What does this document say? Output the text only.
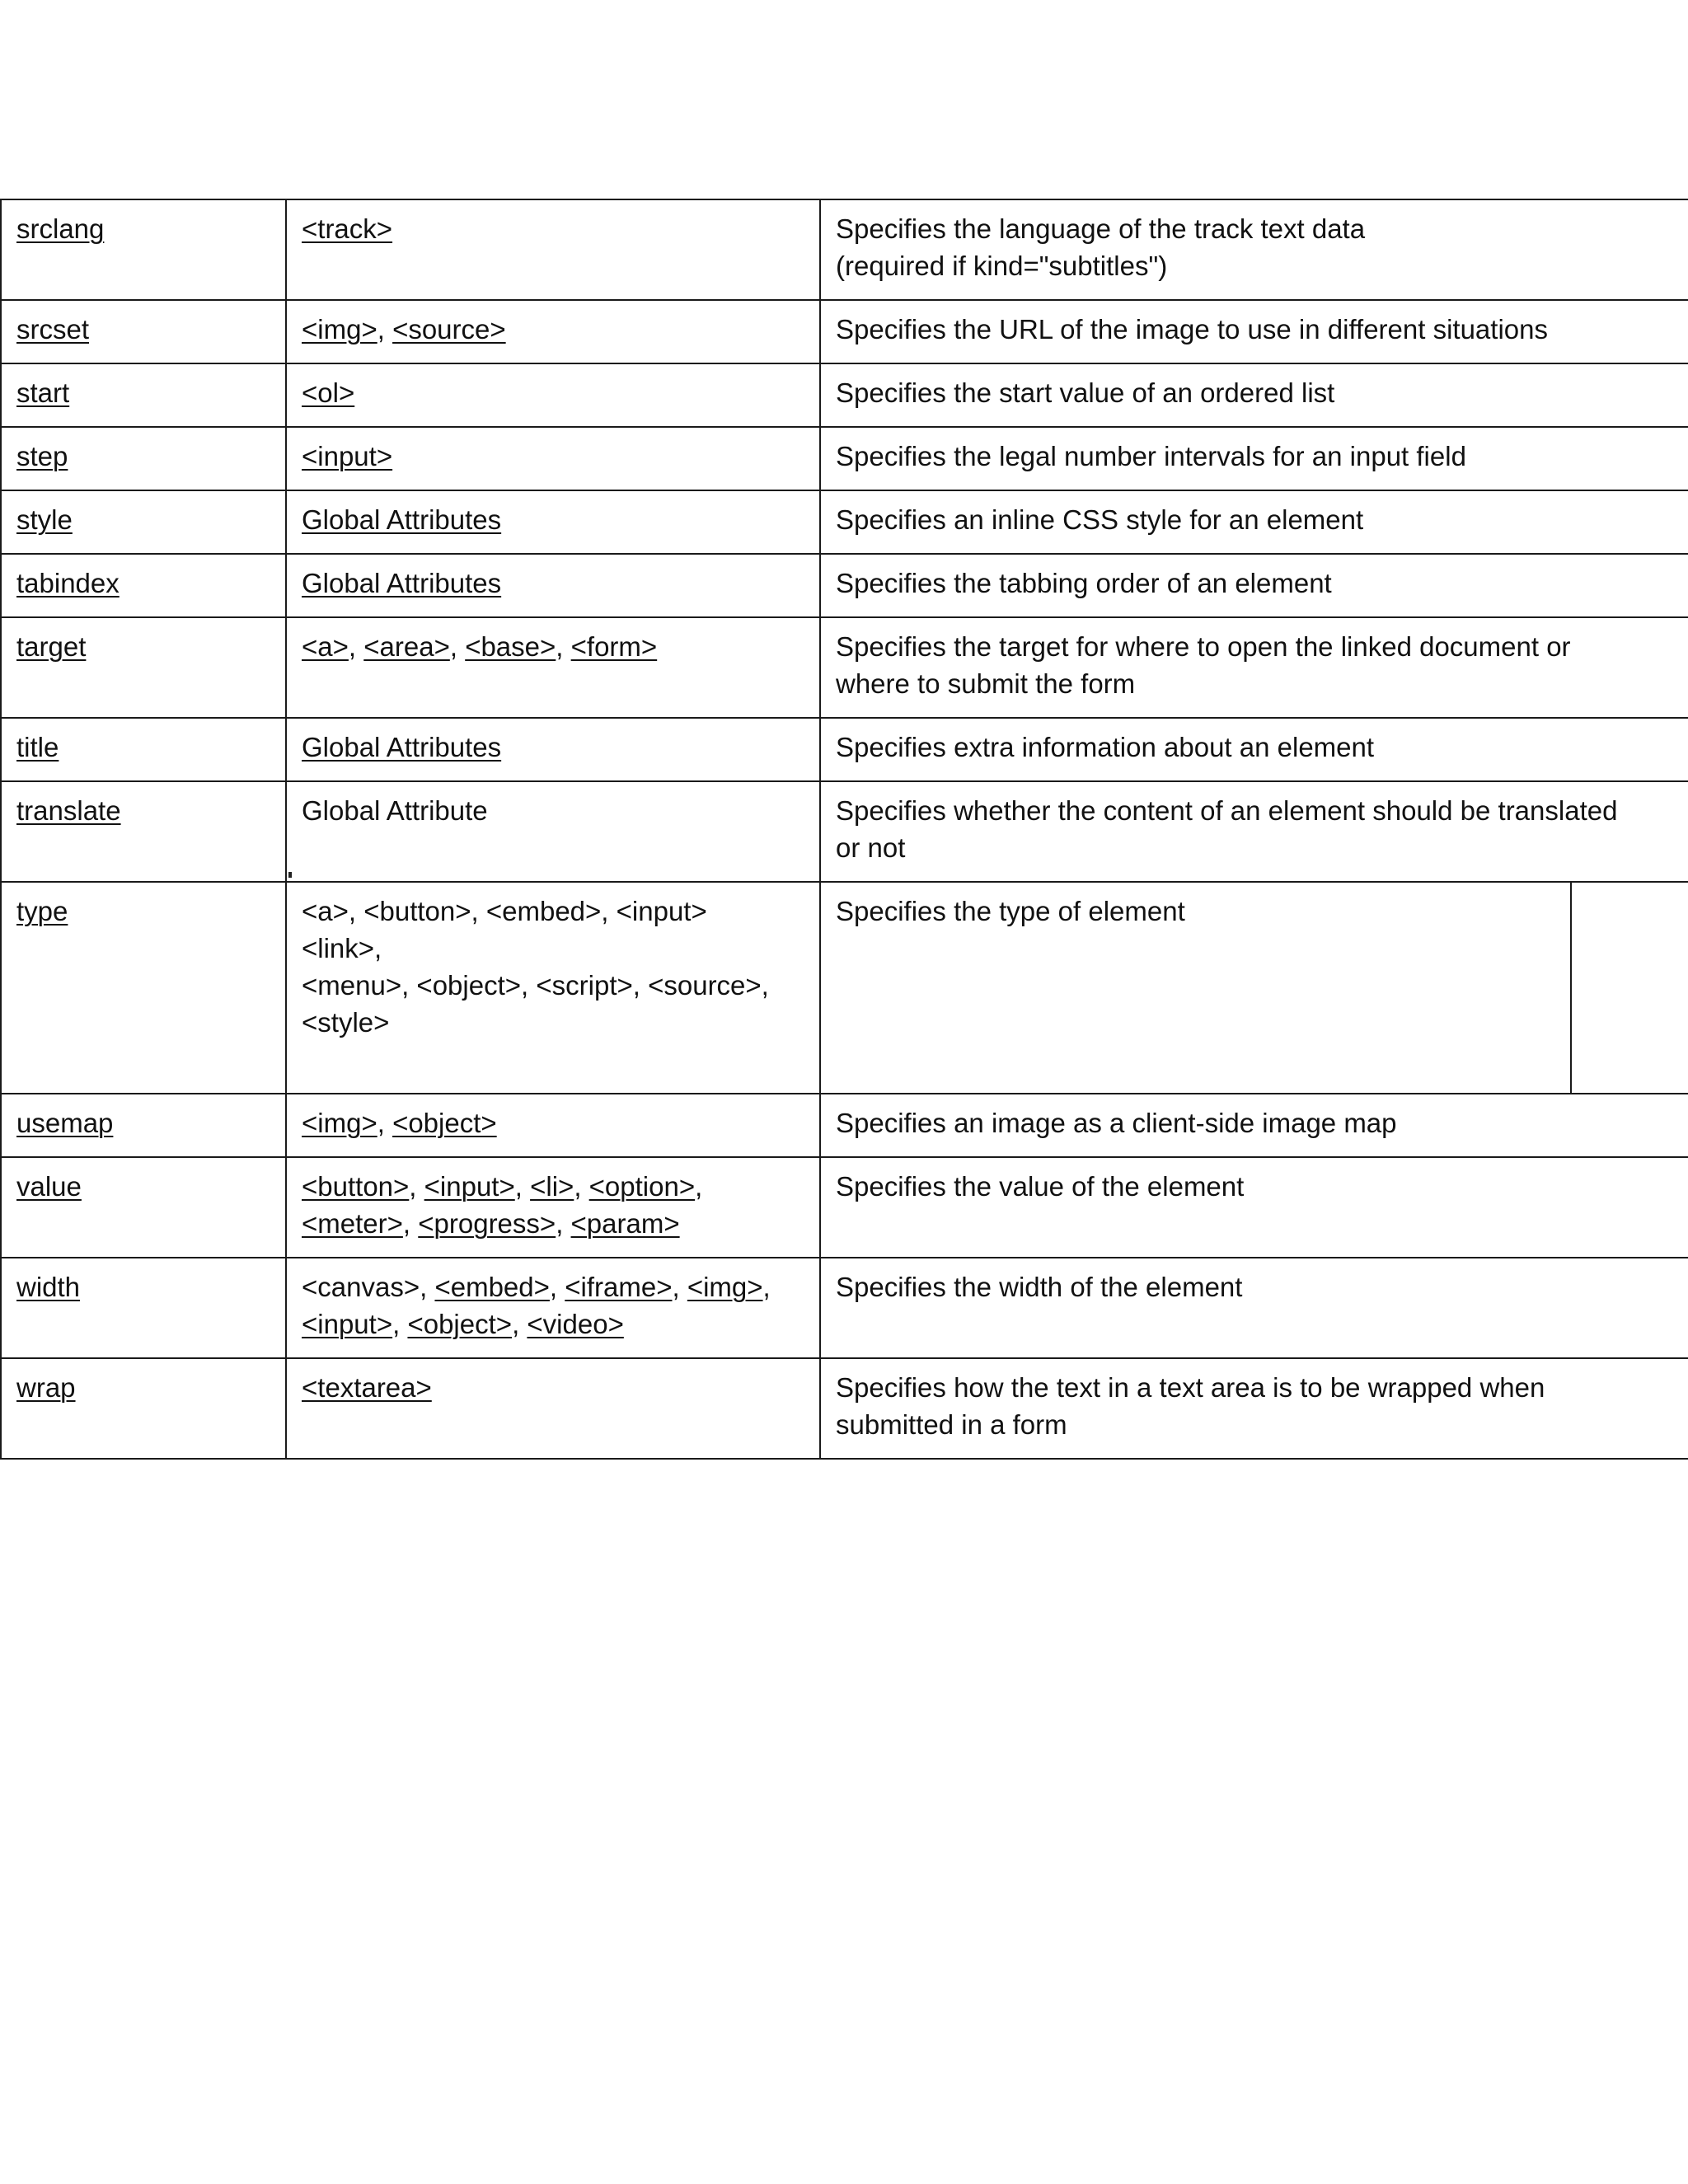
srclang	<track>	Specifies the language of the track text data
(required if kind="subtitles")

srcset	<img>, <source>	Specifies the URL of the image to use in different situations

start	<ol>	Specifies the start value of an ordered list

step	<input>	Specifies the legal number intervals for an input field

style	Global Attributes	Specifies an inline CSS style for an element

tabindex	Global Attributes	Specifies the tabbing order of an element

target	<a>, <area>, <base>, <form>	Specifies the target for where to open the linked document or
where to submit the form

title	Global Attributes	Specifies extra information about an element

translate	Global Attribute	Specifies whether the content of an element should be translated
or not

type	<a>, <button>, <embed>, <input>
<link>,
<menu>, <object>, <script>, <source>,
<style>	Specifies the type of element

usemap	<img>, <object>	Specifies an image as a client-side image map

value	<button>, <input>, <li>, <option>,
<meter>, <progress>, <param>	Specifies the value of the element

width	<canvas>, <embed>, <iframe>, <img>,
<input>, <object>, <video>	Specifies the width of the element

wrap	<textarea>	Specifies how the text in a text area is to be wrapped when
submitted in a form
